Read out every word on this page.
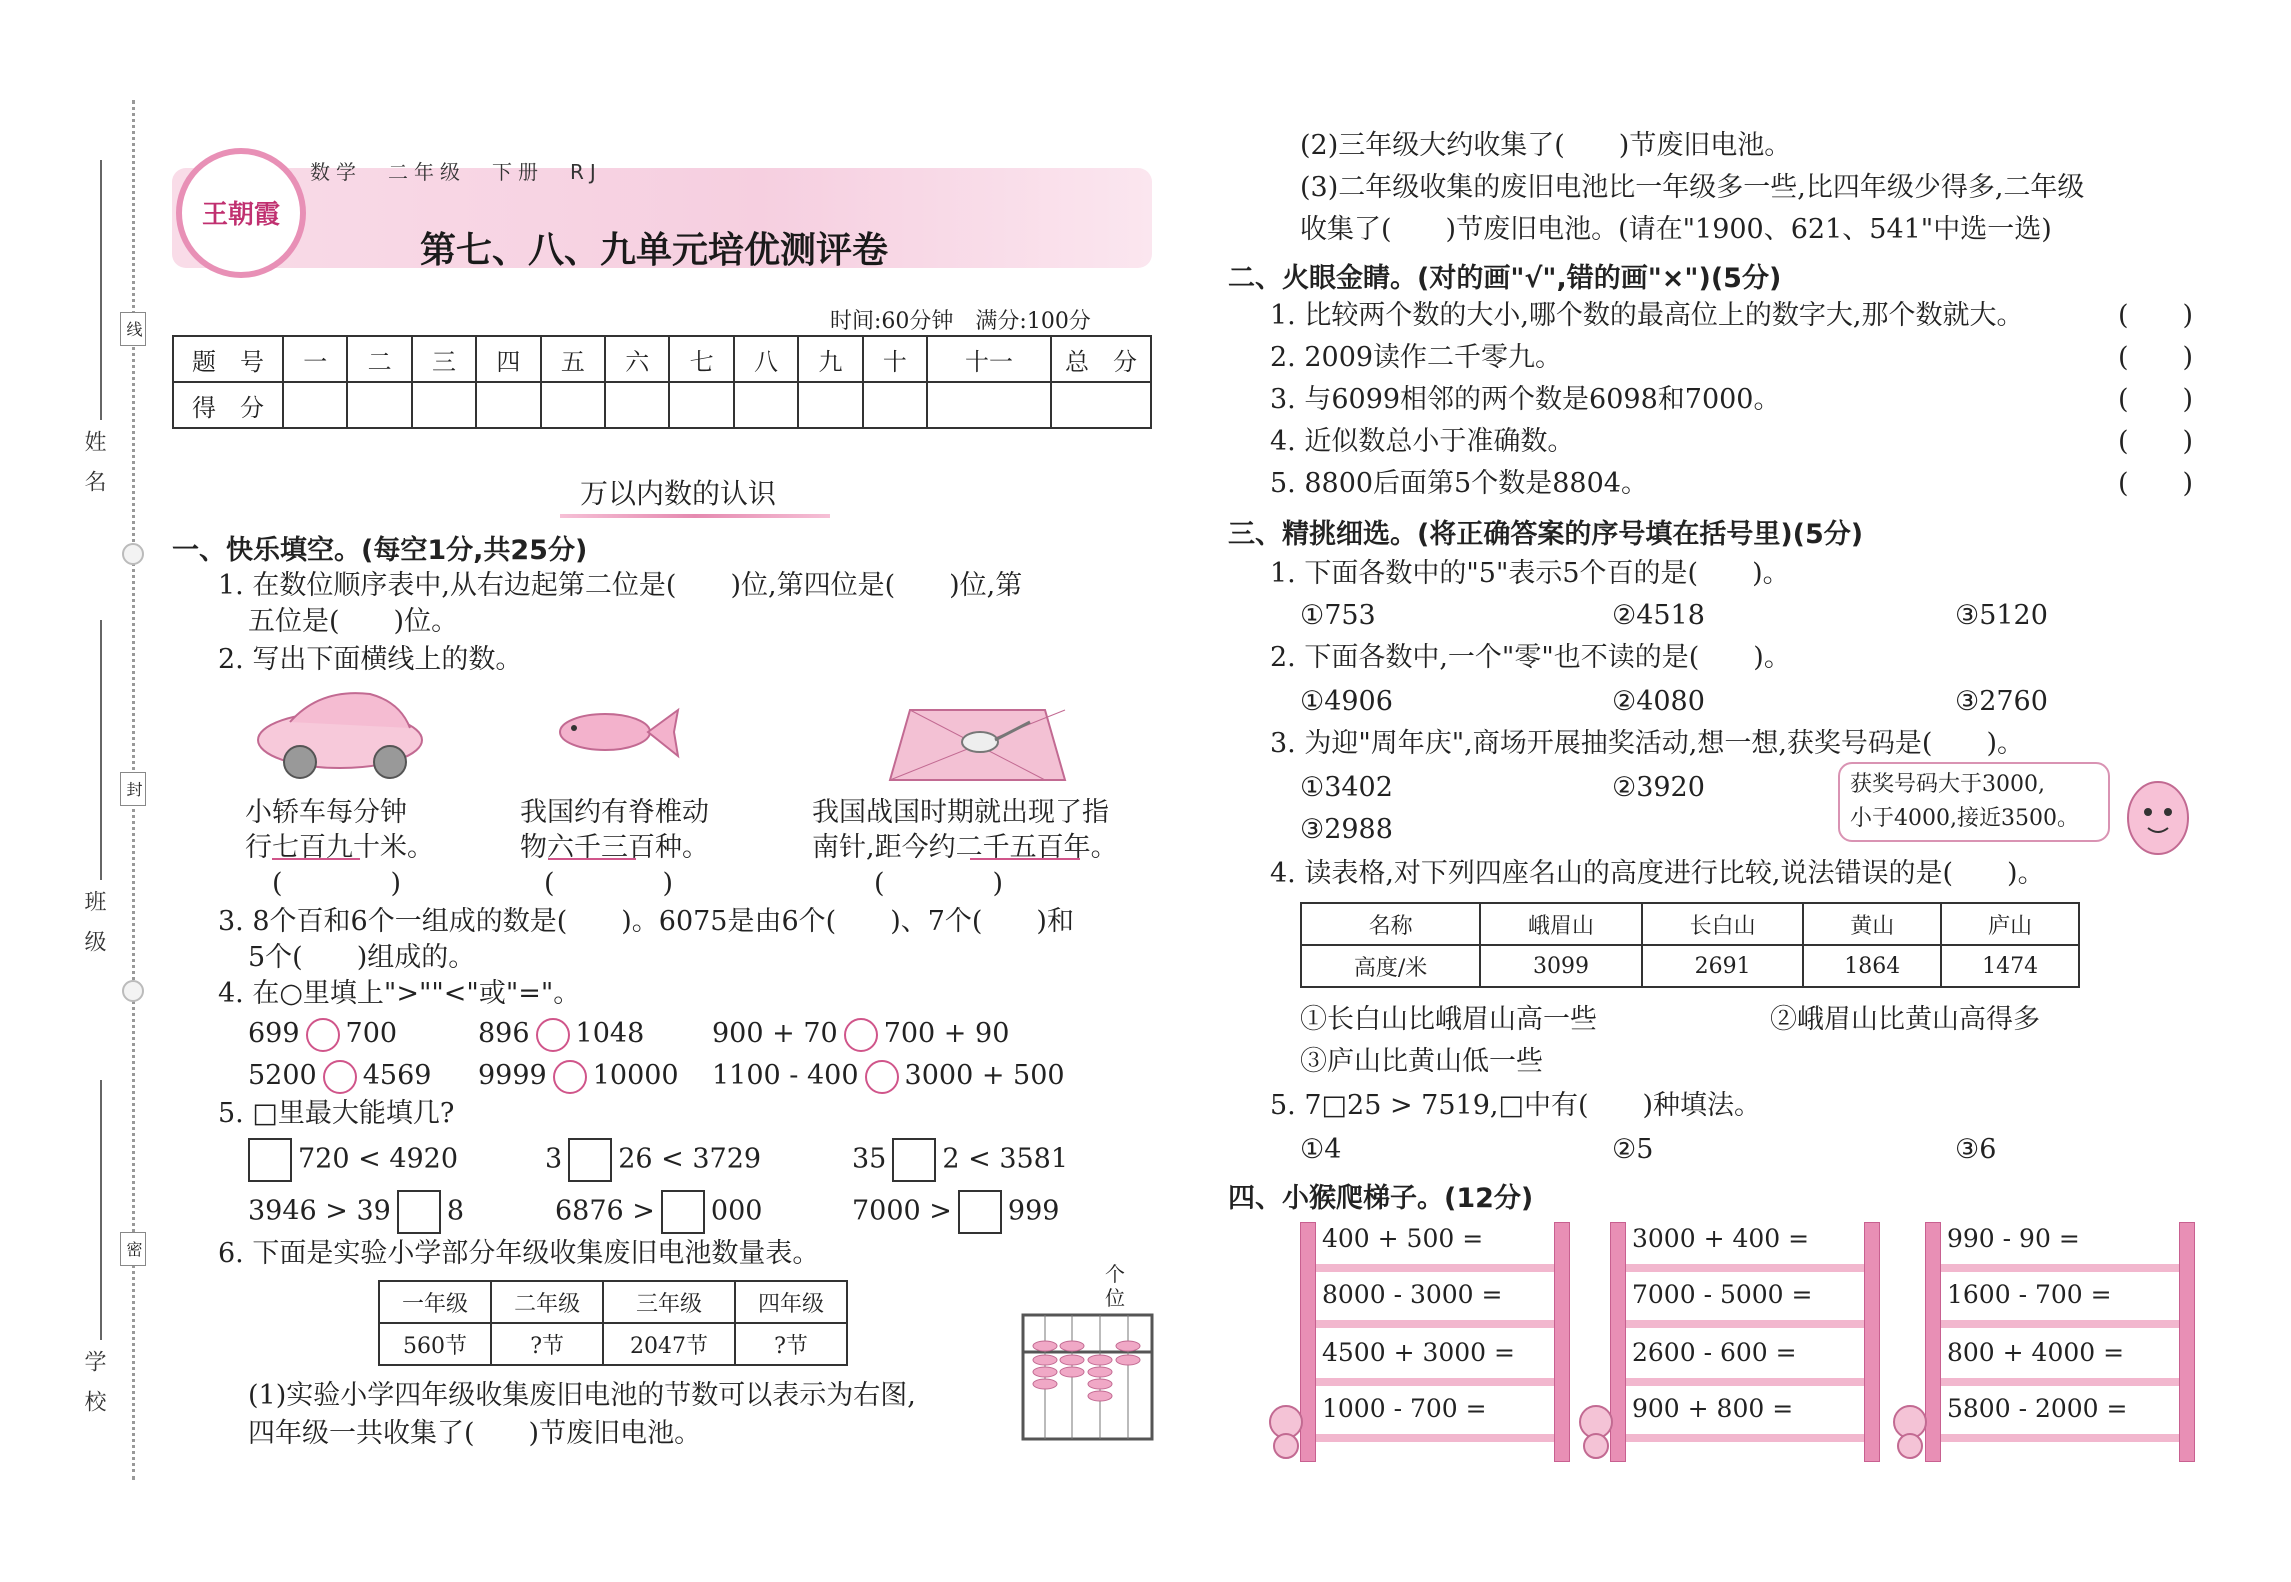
姓名
班级
学校
线
封
密
王朝霞
数学　二年级　下册　RJ
第七、八、九单元培优测评卷
时间:60分钟　满分:100分
题　号	一	二	三	四	五	六	七	八	九	十	十一	总　分
得　分												
万以内数的认识
一、快乐填空。(每空1分,共25分)
1. 在数位顺序表中,从右边起第二位是(　　)位,第四位是(　　)位,第
五位是(　　)位。
2. 写出下面横线上的数。
小轿车每分钟
行七百九十米。
我国约有脊椎动
物六千三百种。
我国战国时期就出现了指
南针,距今约二千五百年。
(　　　　)	(　　　　)	(　　　　)
3. 8个百和6个一组成的数是(　　)。6075是由6个(　　)、7个(　　)和
5个(　　)组成的。
4. 在○里填上">""<"或"="。
699 700	896 1048	900 + 70 700 + 90
5200 4569 9999 10000 1100 - 400 3000 + 500
5. □里最大能填几?
720 < 4920	3 26 < 3729	35 2 < 3581
3946 > 39 8	6876 > 000	7000 > 999
6. 下面是实验小学部分年级收集废旧电池数量表。
一年级	二年级	三年级	四年级
560节	?节	2047节	?节
个位
(1)实验小学四年级收集废旧电池的节数可以表示为右图,
四年级一共收集了(　　)节废旧电池。
(2)三年级大约收集了(　　)节废旧电池。
(3)二年级收集的废旧电池比一年级多一些,比四年级少得多,二年级
收集了(　　)节废旧电池。(请在"1900、621、541"中选一选)
二、火眼金睛。(对的画"√",错的画"×")(5分)
1. 比较两个数的大小,哪个数的最高位上的数字大,那个数就大。
2. 2009读作二千零九。
3. 与6099相邻的两个数是6098和7000。
4. 近似数总小于准确数。
5. 8800后面第5个数是8804。
(　　)
(　　)
(　　)
(　　)
(　　)
三、精挑细选。(将正确答案的序号填在括号里)(5分)
1. 下面各数中的"5"表示5个百的是(　　)。
①753	②4518	③5120
2. 下面各数中,一个"零"也不读的是(　　)。
①4906	②4080	③2760
3. 为迎"周年庆",商场开展抽奖活动,想一想,获奖号码是(　　)。
①3402	②3920
③2988
获奖号码大于3000,
小于4000,接近3500。
4. 读表格,对下列四座名山的高度进行比较,说法错误的是(　　)。
名称	峨眉山	长白山	黄山	庐山
高度/米	3099	2691	1864	1474
①长白山比峨眉山高一些	②峨眉山比黄山高得多
③庐山比黄山低一些
5. 7□25 > 7519,□中有(　　)种填法。
①4	②5	③6
四、小猴爬梯子。(12分)
400 + 500 =
8000 - 3000 =
4500 + 3000 =
1000 - 700 =
3000 + 400 =
7000 - 5000 =
2600 - 600 =
900 + 800 =
990 - 90 =
1600 - 700 =
800 + 4000 =
5800 - 2000 =
